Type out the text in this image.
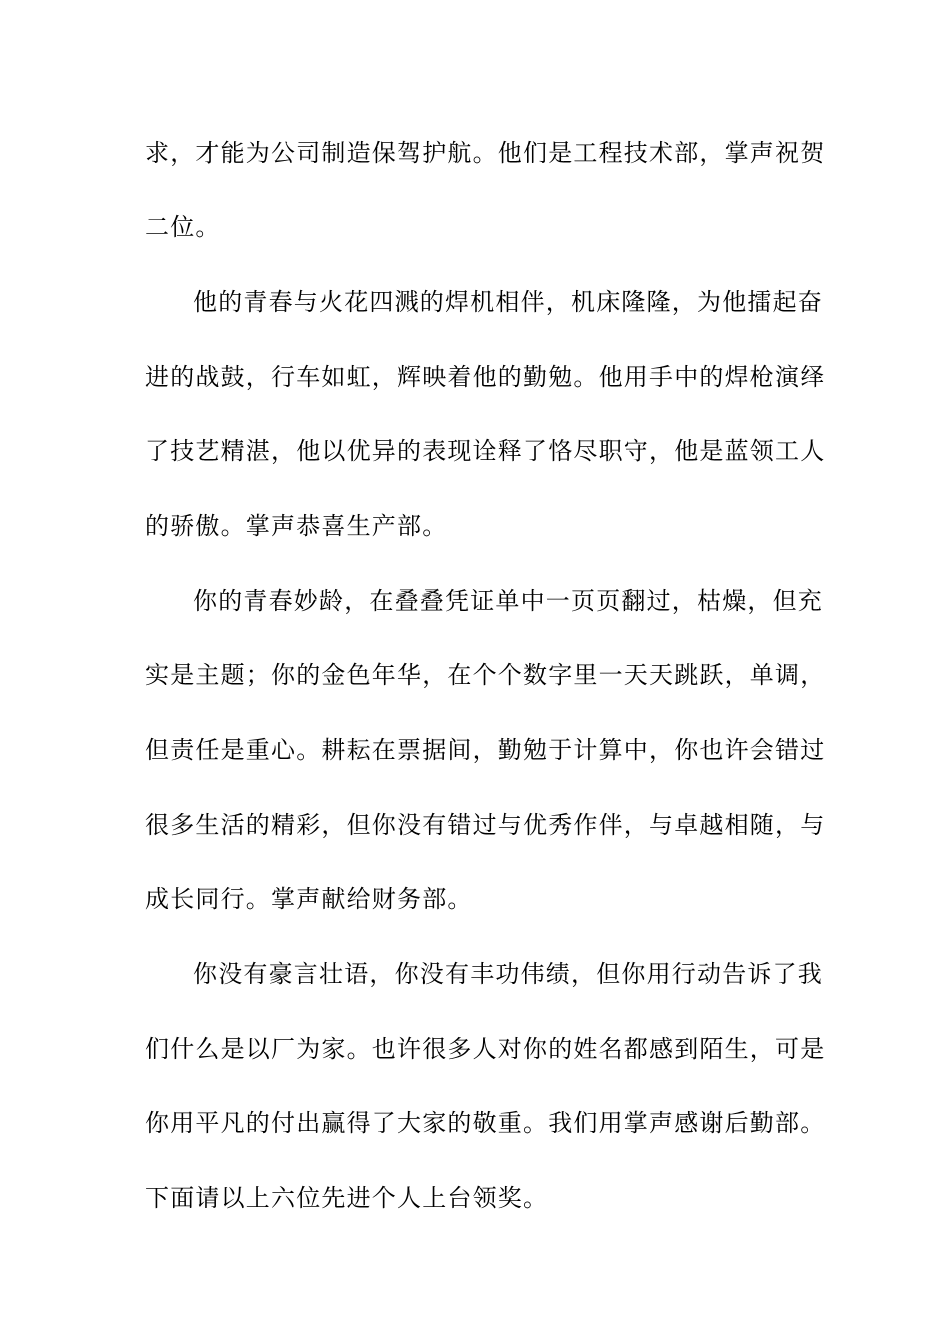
求，才能为公司制造保驾护航。他们是工程技术部，掌声祝贺

二位。

他的青春与火花四溅的焊机相伴，机床隆隆，为他擂起奋

进的战鼓，行车如虹，辉映着他的勤勉。他用手中的焊枪演绎

了技艺精湛，他以优异的表现诠释了恪尽职守，他是蓝领工人

的骄傲。掌声恭喜生产部。

你的青春妙龄，在叠叠凭证单中一页页翻过，枯燥，但充

实是主题；你的金色年华，在个个数字里一天天跳跃，单调，

但责任是重心。耕耘在票据间，勤勉于计算中，你也许会错过

很多生活的精彩，但你没有错过与优秀作伴，与卓越相随，与

成长同行。掌声献给财务部。

你没有豪言壮语，你没有丰功伟绩，但你用行动告诉了我

们什么是以厂为家。也许很多人对你的姓名都感到陌生，可是

你用平凡的付出赢得了大家的敬重。我们用掌声感谢后勤部。

下面请以上六位先进个人上台领奖。
